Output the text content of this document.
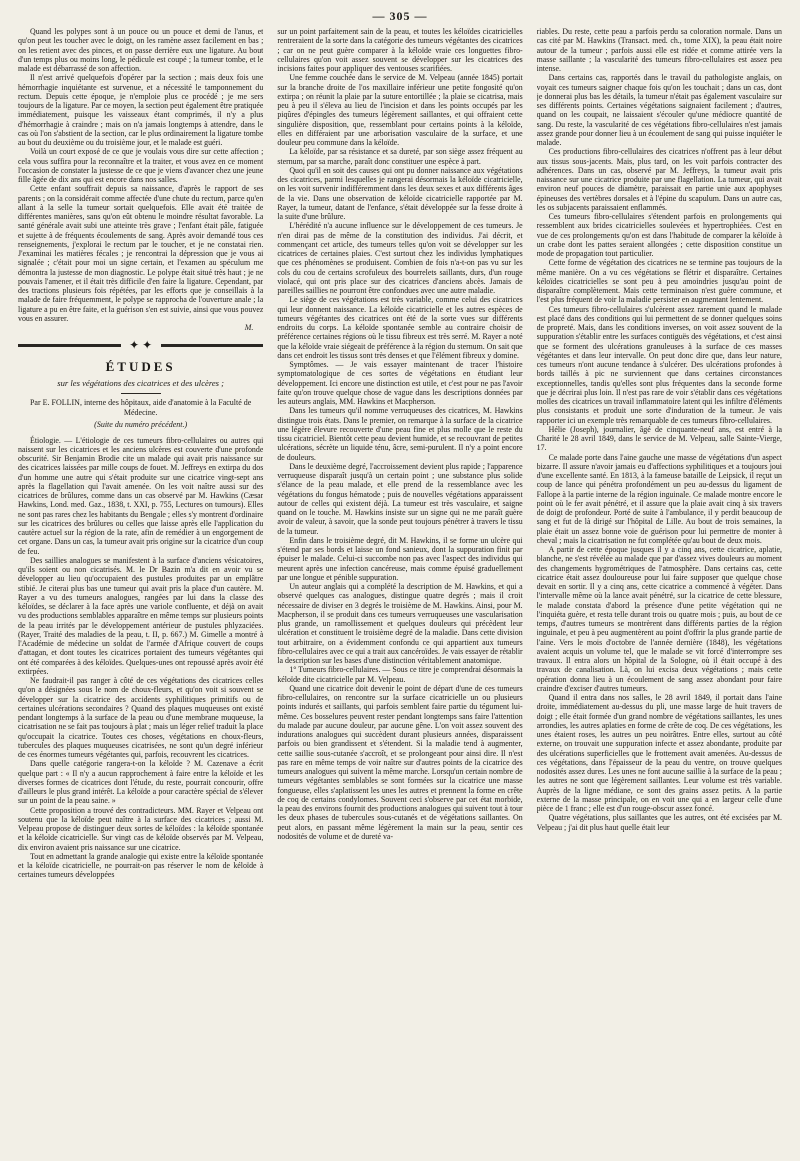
— 305 —

Quand les polypes sont à un pouce ou un pouce et demi de l'anus, et qu'on peut les toucher avec le doigt, on les ramène assez facilement en bas ; on les retient avec des pinces, et on passe derrière eux une ligature. Au bout d'un temps plus ou moins long, le pédicule est coupé ; la tumeur tombe, et le malade est débarrassé de son affection.

Il n'est arrivé quelquefois d'opérer par la section ; mais deux fois une hémorrhagie inquiétante est survenue, et a nécessité le tamponnement du rectum. Depuis cette époque, je n'emploie plus ce procédé ; je me sers toujours de la ligature. Par ce moyen, la section peut également être pratiquée immédiatement, puisque les vaisseaux étant comprimés, il n'y a plus d'hémorrhagie à craindre ; mais on n'a jamais longtemps à attendre, dans le cas où l'on s'abstient de la section, car le plus ordinairement la ligature tombe au bout du deuxième ou du troisième jour, et le malade est guéri.

Voilà un court exposé de ce que je voulais vous dire sur cette affection ; cela vous suffira pour la reconnaître et la traiter, et vous avez en ce moment l'occasion de constater la justesse de ce que je viens d'avancer chez une jeune fille âgée de dix ans qui est encore dans nos salles.

Cette enfant souffrait depuis sa naissance, d'après le rapport de ses parents ; on la considérait comme affectée d'une chute du rectum, parce qu'en allant à la selle la tumeur sortait quelquefois. Elle avait été traitée de différentes manières, sans qu'on eût obtenu le moindre résultat favorable. La santé générale avait subi une atteinte très grave ; l'enfant était pâle, fatiguée et sujette à de fréquents écoulements de sang. Après avoir demandé tous ces renseignements, j'explorai le rectum par le toucher, et je ne constatai rien. J'examinai les matières fécales ; je rencontrai la dépression que je vous ai signalée ; c'était pour moi un signe certain, et l'examen au spéculum me démontra la justesse de mon diagnostic. Le polype était situé très haut ; je ne pouvais l'amener, et il était très difficile d'en faire la ligature. Cependant, par des tractions plusieurs fois répétées, par les efforts que je conseillais à la malade de faire fréquemment, le polype se rapprocha de l'ouverture anale ; la ligature a pu en être faite, et la guérison s'en est suivie, ainsi que vous pouvez vous en assurer.

M.

✦ ✦
ÉTUDES
sur les végétations des cicatrices et des ulcères ;
Par E. FOLLIN, interne des hôpitaux, aide d'anatomie à la Faculté de Médecine.
(Suite du numéro précédent.)

Étiologie. — L'étiologie de ces tumeurs fibro-cellulaires ou autres qui naissent sur les cicatrices et les anciens ulcères est couverte d'une profonde obscurité. Sir Benjamin Brodie cite un malade qui avait pris naissance sur des cicatrices laissées par mille coups de fouet. M. Jeffreys en extirpa du dos d'un homme une autre qui s'était produite sur une cicatrice vingt-sept ans après la flagellation qui l'avait amenée. On les voit naître aussi sur des cicatrices de brûlures, comme dans un cas observé par M. Hawkins (Cæsar Hawkins, Lond. med. Gaz., 1838, t. XXI, p. 755, Lectures on tumours). Elles ne sont pas rares chez les habitants du Bengale ; elles s'y montrent d'ordinaire sur les cicatrices des brûlures ou celles que laisse après elle l'application du cautère actuel sur la région de la rate, afin de remédier à un engorgement de cet organe. Dans un cas, la tumeur avait pris origine sur la cicatrice d'un coup de feu.

Des saillies analogues se manifestent à la surface d'anciens vésicatoires, qu'ils soient ou non cicatrisés. M. le Dr Bazin m'a dit en avoir vu se développer au lieu qu'occupaient des pustules produites par un emplâtre stibié. Je citerai plus bas une tumeur qui avait pris la place d'un cautère. M. Rayer a vu des tumeurs analogues, rangées par lui dans la classe des kéloïdes, se déclarer à la face après une variole confluente, et déjà on avait vu des productions semblables apparaître en même temps sur plusieurs points de la peau irrités par le développement antérieur de pustules phlyzaciées. (Rayer, Traité des maladies de la peau, t. II, p. 667.) M. Gimelle a montré à l'Académie de médecine un soldat de l'armée d'Afrique couvert de coups d'attagan, et dont toutes les cicatrices portaient des tumeurs végétantes qui ont été comparées à des kéloïdes. Quelques-unes ont repoussé après avoir été extirpées.

Ne faudrait-il pas ranger à côté de ces végétations des cicatrices celles qu'on a désignées sous le nom de choux-fleurs, et qu'on voit si souvent se développer sur la cicatrice des accidents syphilitiques primitifs ou de certaines ulcérations secondaires ? Quand des plaques muqueuses ont existé pendant longtemps à la surface de la peau ou d'une membrane muqueuse, la cicatrisation ne se fait pas toujours à plat ; mais un léger relief traduit la place qu'occupait la cicatrice. Toutes ces choses, végétations en choux-fleurs, tubercules des plaques muqueuses cicatrisées, ne sont qu'un degré inférieur de ces énormes tumeurs végétantes qui, parfois, recouvrent les cicatrices.

Dans quelle catégorie rangera-t-on la kéloïde ? M. Cazenave a écrit quelque part : « Il n'y a aucun rapprochement à faire entre la kéloïde et les diverses formes de cicatrices dont l'étude, du reste, pourrait concourir, offre d'ailleurs le plus grand intérêt. La kéloïde a pour caractère spécial de s'élever sur un point de la peau saine. »

Cette proposition a trouvé des contradicteurs. MM. Rayer et Velpeau ont soutenu que la kéloïde peut naître à la surface des cicatrices ; aussi M. Velpeau propose de distinguer deux sortes de kéloïdes : la kéloïde spontanée et la kéloïde cicatricielle. Sur vingt cas de kéloïde observés par M. Velpeau, dix environ avaient pris naissance sur une cicatrice.

Tout en admettant la grande analogie qui existe entre la kéloïde spontanée et la kéloïde cicatricielle, ne pourrait-on pas réserver le nom de kéloïde à certaines tumeurs développées

sur un point parfaitement sain de la peau, et toutes les kéloïdes cicatricielles rentreraient de la sorte dans la catégorie des tumeurs végétantes des cicatrices ; car on ne peut guère comparer à la kéloïde vraie ces longuettes fibro-cellulaires qu'on voit assez souvent se développer sur les cicatrices des incisions faites pour appliquer des ventouses scarifiées.

Une femme couchée dans le service de M. Velpeau (année 1845) portait sur la branche droite de l'os maxillaire inférieur une petite fongosité qu'on extirpa ; on réunit la plaie par la suture entortillée ; la plaie se cicatrisa, mais peu à peu il s'éleva au lieu de l'incision et dans les points occupés par les piqûres d'épingles des tumeurs légèrement saillantes, et qui offraient cette singulière disposition, que, ressemblant pour certains points à la kéloïde, elles en différaient par une arborisation vasculaire de la surface, et une douleur peu commune dans la kéloïde.

La kéloïde, par sa résistance et sa dureté, par son siège assez fréquent au sternum, par sa marche, paraît donc constituer une espèce à part.

Quoi qu'il en soit des causes qui ont pu donner naissance aux végétations des cicatrices, parmi lesquelles je rangerai désormais la kéloïde cicatricielle, on les voit survenir indifféremment dans les deux sexes et aux différents âges de la vie. Dans une observation de kéloïde cicatricielle rapportée par M. Rayer, la tumeur, datant de l'enfance, s'était développée sur la fesse droite à la suite d'une brûlure.

L'hérédité n'a aucune influence sur le développement de ces tumeurs. Je n'en dirai pas de même de la constitution des individus. J'ai décrit, et commençant cet article, des tumeurs telles qu'on voit se développer sur les cicatrices de certaines plaies. C'est surtout chez les individus lymphatiques que ces phénomènes se produisent. Combien de fois n'a-t-on pas vu sur les cols du cou de certains scrofuleux des bourrelets saillants, durs, d'un rouge violacé, qui ont pris place sur des cicatrices d'anciens abcès. Jamais de pareilles saillies ne pourront être confondues avec une autre maladie.

Le siège de ces végétations est très variable, comme celui des cicatrices qui leur donnent naissance. La kéloïde cicatricielle et les autres espèces de tumeurs végétantes des cicatrices ont été de la sorte vues sur différents endroits du corps. La kéloïde spontanée semble au contraire choisir de préférence certaines régions où le tissu fibreux est très serré. M. Rayer a noté que la kéloïde vraie siégeait de préférence à la région du sternum. On sait que dans cet endroit les tissus sont très denses et que l'élément fibreux y domine.

Symptômes. — Je vais essayer maintenant de tracer l'histoire symptomatologique de ces sortes de végétations en étudiant leur développement. Ici encore une distinction est utile, et c'est pour ne pas l'avoir faite qu'on trouve quelque chose de vague dans les descriptions données par les auteurs anglais, MM. Hawkins et Macpherson.

Dans les tumeurs qu'il nomme verruqueuses des cicatrices, M. Hawkins distingue trois états. Dans le premier, on remarque à la surface de la cicatrice une légère élevure recouverte d'une peau fine et plus molle que le reste du tissu cicatriciel. Bientôt cette peau devient humide, et se recouvrant de petites ulcérations, sécrète un liquide ténu, âcre, semi-purulent. Il n'y a point encore de douleurs.

Dans le deuxième degré, l'accroissement devient plus rapide ; l'apparence verruqueuse disparaît jusqu'à un certain point ; une substance plus solide s'élance de la peau malade, et elle prend de la ressemblance avec les végétations du fongus hématode ; puis de nouvelles végétations apparaissent autour de celles qui existent déjà. La tumeur est très vasculaire, et saigne quand on le touche. M. Hawkins insiste sur un signe qui ne me paraît guère avoir de valeur, à savoir, que la sonde peut toujours pénétrer à travers le tissu de la tumeur.

Enfin dans le troisième degré, dit M. Hawkins, il se forme un ulcère qui s'étend par ses bords et laisse un fond sanieux, dont la suppuration finit par épuiser le malade. Celui-ci succombe non pas avec l'aspect des individus qui meurent après une infection cancéreuse, mais comme épuisé graduellement par une longue et pénible suppuration.

Un auteur anglais qui a complété la description de M. Hawkins, et qui a observé quelques cas analogues, distingue quatre degrés ; mais il croit nécessaire de diviser en 3 degrés le troisième de M. Hawkins. Ainsi, pour M. Macpherson, il se produit dans ces tumeurs verruqueuses une vascularisation plus grande, un ramollissement et quelques douleurs qui précèdent leur ulcération et constituent le troisième degré de la maladie. Dans cette division tout arbitraire, on a évidemment confondu ce qui appartient aux tumeurs fibro-cellulaires avec ce qui a trait aux cancéroïdes. Je vais essayer de rétablir la description sur les bases d'une distinction véritablement anatomique.

1° Tumeurs fibro-cellulaires. — Sous ce titre je comprendrai désormais la kéloïde dite cicatricielle par M. Velpeau.

Quand une cicatrice doit devenir le point de départ d'une de ces tumeurs fibro-cellulaires, on rencontre sur la surface cicatricielle un ou plusieurs points indurés et saillants, qui parfois semblent faire partie du tégument lui-même. Ces bosselures peuvent rester pendant longtemps sans faire l'attention du malade par aucune douleur, par aucune gêne. L'on voit assez souvent des indurations analogues qui succèdent durant plusieurs années, disparaissent parfois ou bien grandissent et s'étendent. Si la maladie tend à augmenter, cette saillie sous-cutanée s'accroît, et se prolongeant pour ainsi dire. Il n'est pas rare en même temps de voir naître sur d'autres points de la cicatrice des tumeurs analogues qui suivent la même marche. Lorsqu'un certain nombre de tumeurs végétantes semblables se sont formées sur la cicatrice une masse fongueuse, elles s'aplatissent les unes les autres et prennent la forme en crête de coq de certains condylomes. Souvent ceci s'observe par cet état morbide, la peau des environs fournit des productions analogues qui suivent tout à tour les deux phases de tubercules sous-cutanés et de végétations saillantes. On peut alors, en passant même légèrement la main sur la peau, sentir ces nodosités de volume et de dureté va-

riables. Du reste, cette peau a parfois perdu sa coloration normale. Dans un cas cité par M. Hawkins (Transact. med. ch., tome XIX), la peau était noire autour de la tumeur ; parfois aussi elle est ridée et comme attirée vers la masse saillante ; la vascularité des tumeurs fibro-cellulaires est assez peu intense.

Dans certains cas, rapportés dans le travail du pathologiste anglais, on voyait ces tumeurs saigner chaque fois qu'on les touchait ; dans un cas, dont je donnerai plus bas les détails, la tumeur n'était pas également vasculaire sur ses différents points. Certaines végétations saignaient facilement ; d'autres, quand on les coupait, ne laissaient s'écouler qu'une médiocre quantité de sang. Du reste, la vascularité de ces végétations fibro-cellulaires n'est jamais assez grande pour donner lieu à un écoulement de sang qui puisse inquiéter le malade.

Ces productions fibro-cellulaires des cicatrices n'offrent pas à leur début aux tissus sous-jacents. Mais, plus tard, on les voit parfois contracter des adhérences. Dans un cas, observé par M. Jeffreys, la tumeur avait pris naissance sur une cicatrice produite par une flagellation. La tumeur, qui avait environ neuf pouces de diamètre, paraissait en partie unie aux apophyses épineuses des vertèbres dorsales et à l'épine du scapulum. Dans un autre cas, les os subjacents paraissaient enflammés.

Ces tumeurs fibro-cellulaires s'étendent parfois en prolongements qui ressemblent aux brides cicatricielles soulevées et hypertrophiées. C'est en vue de ces prolongements qu'on est dans l'habitude de comparer la kéloïde à un crabe dont les pattes seraient allongées ; cette disposition constitue un mode de propagation tout particulier.

Cette forme de végétation des cicatrices ne se termine pas toujours de la même manière. On a vu ces végétations se flétrir et disparaître. Certaines kéloïdes cicatricielles se sont peu à peu amoindries jusqu'au point de disparaître complètement. Mais cette terminaison n'est guère commune, et l'est plus fréquent de voir la maladie persister en augmentant lentement.

Ces tumeurs fibro-cellulaires s'ulcèrent assez rarement quand le malade est placé dans des conditions qui lui permettent de se donner quelques soins de propreté. Mais, dans les conditions inverses, on voit assez souvent de la suppuration s'établir entre les surfaces contiguës des végétations, et c'est ainsi que se forment des ulcérations granuleuses à la surface de ces masses végétantes et dans leur intervalle. On peut donc dire que, dans leur nature, ces tumeurs n'ont aucune tendance à s'ulcérer. Des ulcérations profondes à bords taillés à pic ne surviennent que dans certaines circonstances exceptionnelles, tandis qu'elles sont plus fréquentes dans la seconde forme que je décrirai plus loin. Il n'est pas rare de voir s'établir dans ces végétations molles des cicatrices un travail inflammatoire latent qui les infiltre d'éléments plus consistants et produit une sorte d'induration de la tumeur. Je vais rapporter ici un exemple très remarquable de ces tumeurs fibro-cellulaires.

Hélie (Joseph), journalier, âgé de cinquante-neuf ans, est entré à la Charité le 28 avril 1849, dans le service de M. Velpeau, salle Sainte-Vierge, 17.

Ce malade porte dans l'aine gauche une masse de végétations d'un aspect bizarre. Il assure n'avoir jamais eu d'affections syphilitiques et a toujours joui d'une excellente santé. En 1813, à la fameuse bataille de Leipsick, il reçut un coup de lance qui pénétra profondément un peu au-dessus du ligament de Fallope à la partie interne de la région inguinale. Ce malade montre encore le point où le fer avait pénétré, et il assure que la plaie avait cinq à six travers de doigt de profondeur. Porté de suite à l'ambulance, il y perdit beaucoup de sang et fut de là dirigé sur l'hôpital de Lille. Au bout de trois semaines, la plaie était un assez bonne voie de guérison pour lui permettre de monter à cheval ; mais la cicatrisation ne fut complétée qu'au bout de deux mois.

A partir de cette époque jusques il y a cinq ans, cette cicatrice, aplatie, blanche, ne s'est révélée au malade que par d'assez vives douleurs au moment des changements hygrométriques de l'atmosphère. Dans certains cas, cette cicatrice était assez douloureuse pour lui faire supposer que quelque chose devait en sortir. Il y a cinq ans, cette cicatrice a commencé à végéter. Dans l'intervalle même où la lance avait pénétré, sur la cicatrice de cette blessure, le malade constata d'abord la présence d'une petite végétation qui ne l'inquiéta guère, et resta telle durant trois ou quatre mois ; puis, au bout de ce temps, d'autres tumeurs se montrèrent dans différents parties de la région inguinale, et peu à peu augmentèrent au point d'offrir la plus grande partie de l'aine. Vers le mois d'octobre de l'année dernière (1848), les végétations avaient acquis un volume tel, que le malade se vit forcé d'interrompre ses travaux. Il entra alors un hôpital de la Sologne, où il était occupé à des travaux de canalisation. Là, on lui excisa deux végétations ; mais cette opération donna lieu à un écoulement de sang assez abondant pour faire craindre d'exciser d'autres tumeurs.

Quand il entra dans nos salles, le 28 avril 1849, il portait dans l'aine droite, immédiatement au-dessus du pli, une masse large de huit travers de doigt ; elle était formée d'un grand nombre de végétations saillantes, les unes arrondies, les autres aplaties en forme de crête de coq. De ces végétations, les unes étaient roses, les autres un peu noirâtres. Entre elles, surtout au côté externe, on trouvait une suppuration infecte et assez abondante, produite par des ulcérations superficielles que le frottement avait amenées. Au-dessus de ces végétations, dans l'épaisseur de la peau du ventre, on trouve quelques nodosités assez dures. Les unes ne font aucune saillie à la surface de la peau ; les autres ne sont que légèrement saillantes. Leur volume est très variable. Auprès de la ligne médiane, ce sont des grains assez petits. A la partie externe de la masse principale, on en voit une qui a en largeur celle d'une pièce de 1 franc ; elle est d'un rouge-obscur assez foncé.

Quatre végétations, plus saillantes que les autres, ont été excisées par M. Velpeau ; j'ai dit plus haut quelle était leur
